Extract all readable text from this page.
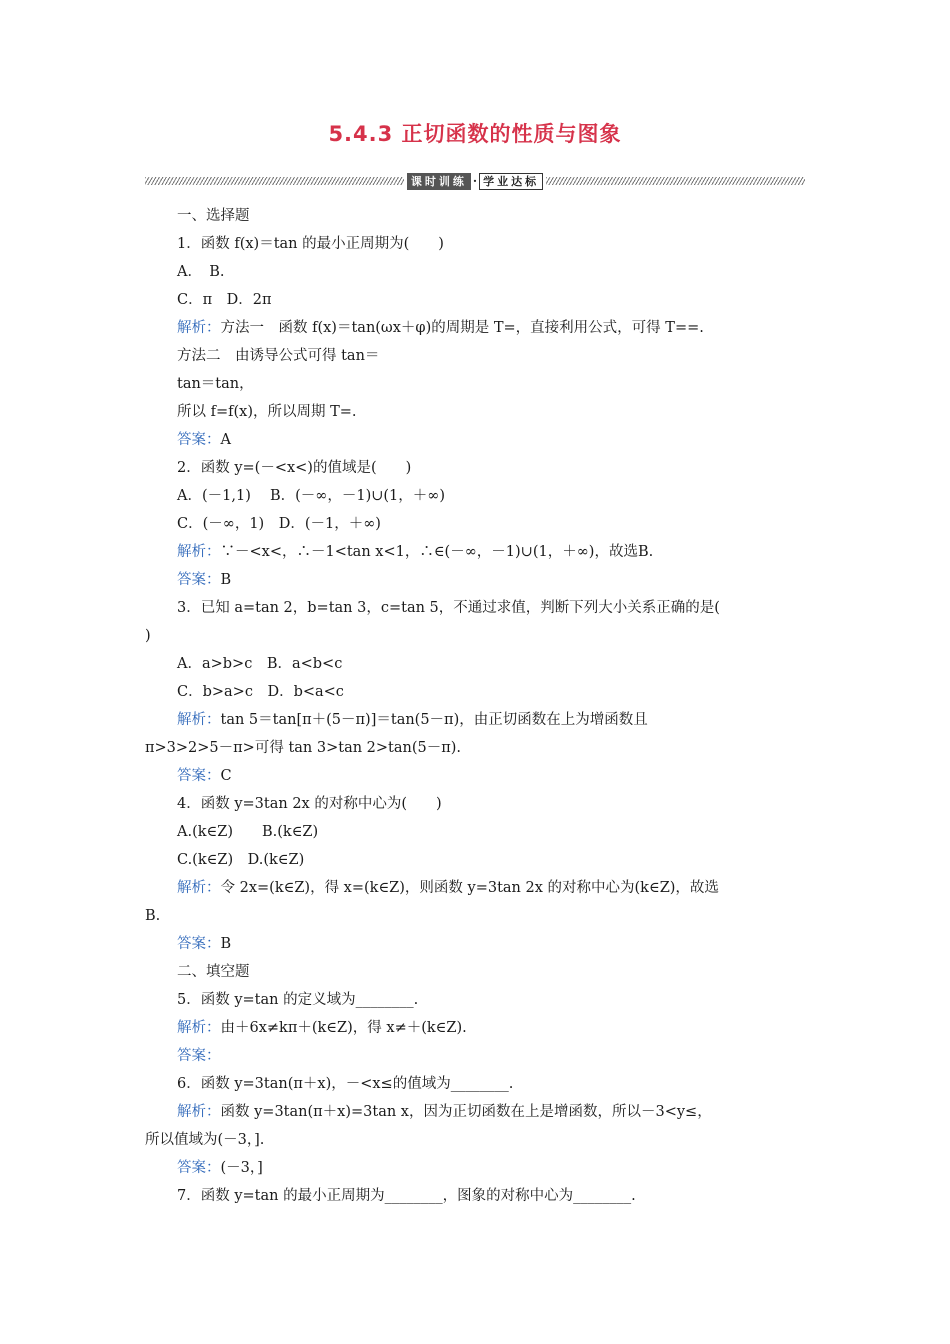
5.4.3 正切函数的性质与图象
课时训练 · 学业达标
一、选择题
1．函数 f(x)＝tan 的最小正周期为(　　)
A．　B.
C．π　D．2π
解析：方法一　函数 f(x)＝tan(ωx＋φ)的周期是 T=，直接利用公式，可得 T==.
方法二　由诱导公式可得 tan＝
tan＝tan，
所以 f=f(x)，所以周期 T=.
答案：A
2．函数 y=(－<x<)的值域是(　　)
A．(－1,1)　 B．(－∞，－1)∪(1，＋∞)
C．(－∞，1)　D．(－1，＋∞)
解析：∵－<x<，∴－1<tan x<1，∴∈(－∞，－1)∪(1，＋∞)，故选B.
答案：B
3．已知 a=tan 2，b=tan 3，c=tan 5，不通过求值，判断下列大小关系正确的是(
)
A．a>b>c　B．a<b<c
C．b>a>c　D．b<a<c
解析：tan 5＝tan[π＋(5－π)]＝tan(5－π)，由正切函数在上为增函数且
π>3>2>5－π>可得 tan 3>tan 2>tan(5－π).
答案：C
4．函数 y=3tan 2x 的对称中心为(　　)
A.(k∈Z)　　B.(k∈Z)
C.(k∈Z)　D.(k∈Z)
解析：令 2x=(k∈Z)，得 x=(k∈Z)，则函数 y=3tan 2x 的对称中心为(k∈Z)，故选
B.
答案：B
二、填空题
5．函数 y=tan 的定义域为________.
解析：由＋6x≠kπ＋(k∈Z)，得 x≠＋(k∈Z).
答案：
6．函数 y=3tan(π＋x)，－<x≤的值域为________.
解析：函数 y=3tan(π＋x)=3tan x，因为正切函数在上是增函数，所以－3<y≤，
所以值域为(－3，].
答案：(－3，]
7．函数 y=tan 的最小正周期为________，图象的对称中心为________.
